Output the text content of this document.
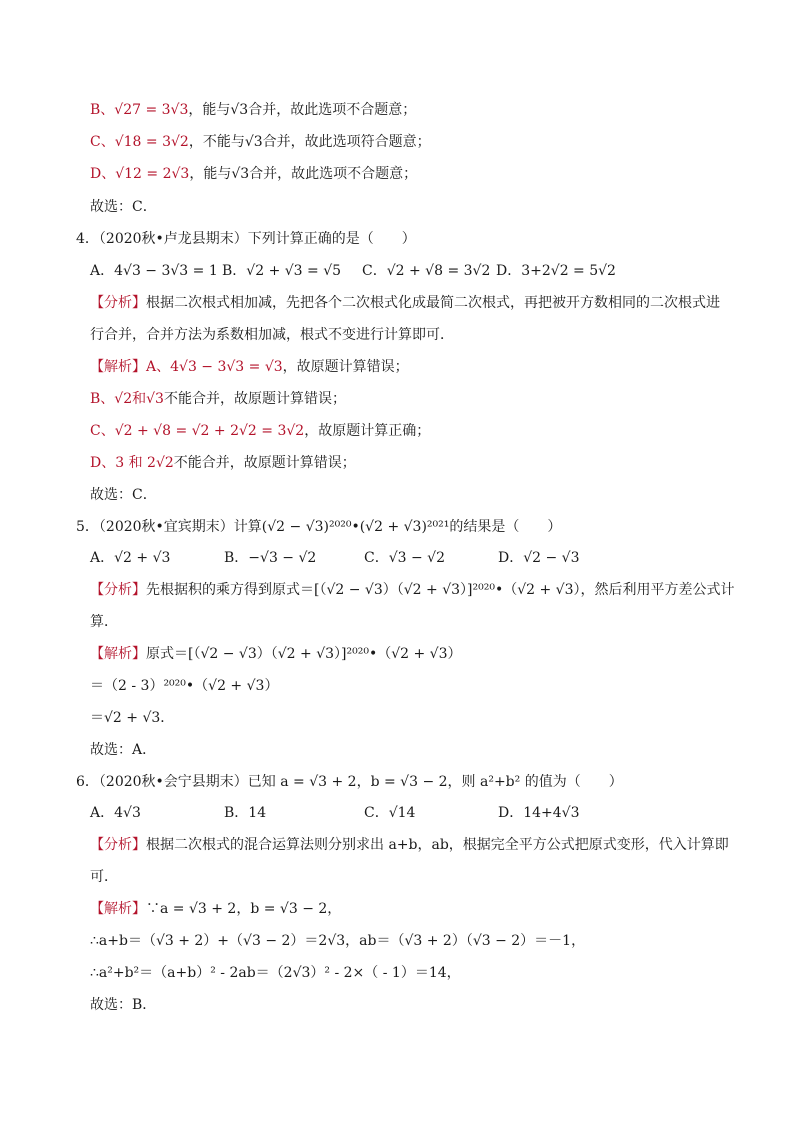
B、√27 = 3√3，能与√3合并，故此选项不合题意；
C、√18 = 3√2，不能与√3合并，故此选项符合题意；
D、√12 = 2√3，能与√3合并，故此选项不合题意；
故选：C．
4．（2020秋•卢龙县期末）下列计算正确的是（　　）
A．4√3 − 3√3 = 1 B．√2 + √3 = √5 C．√2 + √8 = 3√2 D．3+2√2 = 5√2
【分析】根据二次根式相加减，先把各个二次根式化成最简二次根式，再把被开方数相同的二次根式进
行合并，合并方法为系数相加减，根式不变进行计算即可．
【解析】A、4√3 − 3√3 = √3，故原题计算错误；
B、√2和√3不能合并，故原题计算错误；
C、√2 + √8 = √2 + 2√2 = 3√2，故原题计算正确；
D、3 和 2√2不能合并，故原题计算错误；
故选：C．
5．（2020秋•宜宾期末）计算(√2 − √3)²⁰²⁰•(√2 + √3)²⁰²¹的结果是（　　）
A．√2 + √3	B．−√3 − √2	C．√3 − √2	D．√2 − √3
【分析】先根据积的乘方得到原式＝[（√2 − √3）（√2 + √3）]²⁰²⁰•（√2 + √3），然后利用平方差公式计
算．
【解析】原式＝[（√2 − √3）（√2 + √3）]²⁰²⁰•（√2 + √3）
＝（2 - 3）²⁰²⁰•（√2 + √3）
＝√2 + √3．
故选：A．
6．（2020秋•会宁县期末）已知 a = √3 + 2，b = √3 − 2，则 a²+b² 的值为（　　）
A．4√3	B．14	C．√14	D．14+4√3
【分析】根据二次根式的混合运算法则分别求出 a+b，ab，根据完全平方公式把原式变形，代入计算即
可．
【解析】∵a = √3 + 2，b = √3 − 2，
∴a+b＝（√3 + 2）+（√3 − 2）＝2√3，ab＝（√3 + 2）（√3 − 2）＝－1，
∴a²+b²＝（a+b）² - 2ab＝（2√3）² - 2×（ - 1）＝14，
故选：B．
